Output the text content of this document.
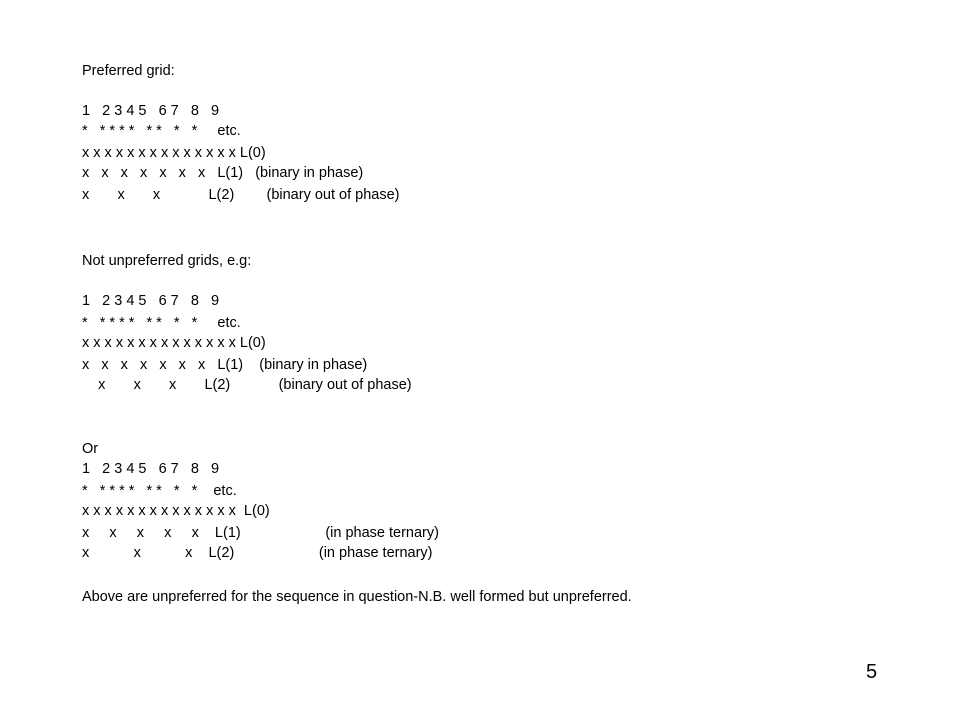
Preferred grid:
1   2 3 4 5   6 7   8   9
*   * * * *   * *   *   *     etc.
x x x x x x x x x x x x x x L(0)
x   x   x   x   x   x   x   L(1)   (binary in phase)
x       x       x            L(2)        (binary out of phase)
Not unpreferred grids, e.g:
1   2 3 4 5   6 7   8   9
*   * * * *   * *   *   *     etc.
x x x x x x x x x x x x x x L(0)
x   x   x   x   x   x   x   L(1)    (binary in phase)
x       x       x       L(2)            (binary out of phase)
Or
1   2 3 4 5   6 7   8   9
*   * * * *   * *   *   *    etc.
x x x x x x x x x x x x x x  L(0)
x     x     x     x     x    L(1)                     (in phase ternary)
x           x           x    L(2)                     (in phase ternary)
Above are unpreferred for the sequence in question-N.B. well formed but unpreferred.
5
